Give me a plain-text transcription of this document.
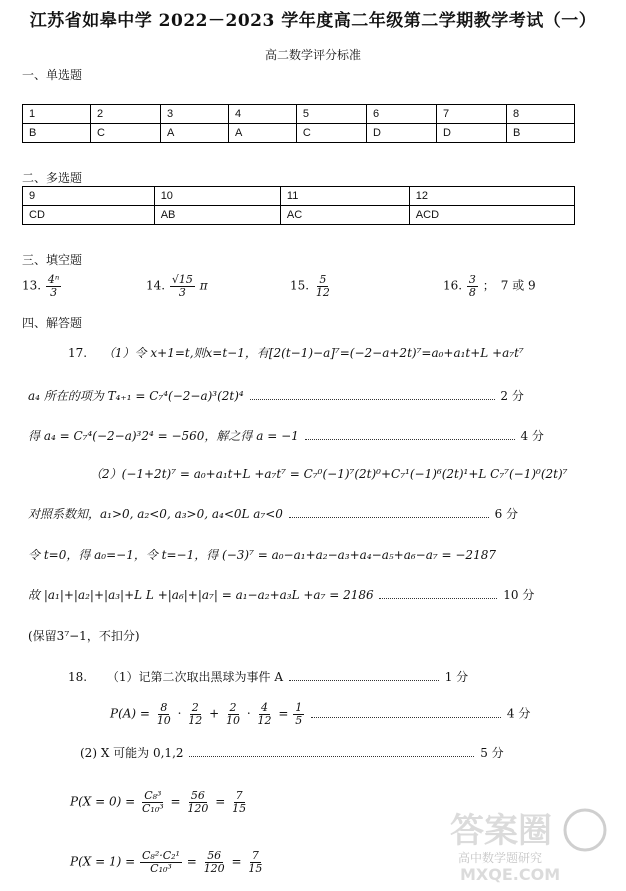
江苏省如皋中学 2022－2023 学年度高二年级第二学期教学考试（一）
高二数学评分标准
一、单选题
1	2	3	4	5	6	7	8
B	C	A	A	C	D	D	B
二、多选题
9	10	11	12
CD	AB	AC	ACD
三、填空题
13. $\frac{\text{4ⁿ}}{3}$	14. $\frac{√15}{3}$ π	15. $\frac{5}{12}$	16. $\frac{3}{8}$ ；　7 或 9
四、解答题
17. （1）令 x+1=t,则x=t−1，有[2(t−1)−a]⁷=(−2−a+2t)⁷=a₀+a₁t+L +a₇t⁷
a₄ 所在的项为 T₄₊₁ = C₇⁴(−2−a)³(2t)⁴	2 分
得 a₄ = C₇⁴(−2−a)³2⁴ = −560，解之得 a = −1	4 分
（2）(−1+2t)⁷ = a₀+a₁t+L +a₇t⁷ = C₇⁰(−1)⁷(2t)⁰+C₇¹(−1)⁶(2t)¹+L C₇⁷(−1)⁰(2t)⁷
对照系数知，a₁>0, a₂<0, a₃>0, a₄<0L a₇<0	6 分
令 t=0，得 a₀=−1，令 t=−1，得 (−3)⁷ = a₀−a₁+a₂−a₃+a₄−a₅+a₆−a₇ = −2187
故 |a₁|+|a₂|+|a₃|+L L +|a₆|+|a₇| = a₁−a₂+a₃L +a₇ = 2186	10 分
(保留3⁷−1，不扣分)
18. （1）记第二次取出黑球为事件 A	1 分
$P(A) = \frac{8}{10} \cdot \frac{2}{12} + \frac{2}{10} \cdot \frac{4}{12} = \frac{1}{5}$	4 分
(2) X 可能为 0,1,2	5 分
$P(X = 0) = \frac{\text{C₈³}}{\text{C₁₀³}} = \frac{56}{120} = \frac{7}{15}$
$P(X = 1) = \frac{\text{C₈²·C₂¹}}{\text{C₁₀³}} = \frac{56}{120} = \frac{7}{15}$
答案圈
MXQE.COM
高中数学题研究
